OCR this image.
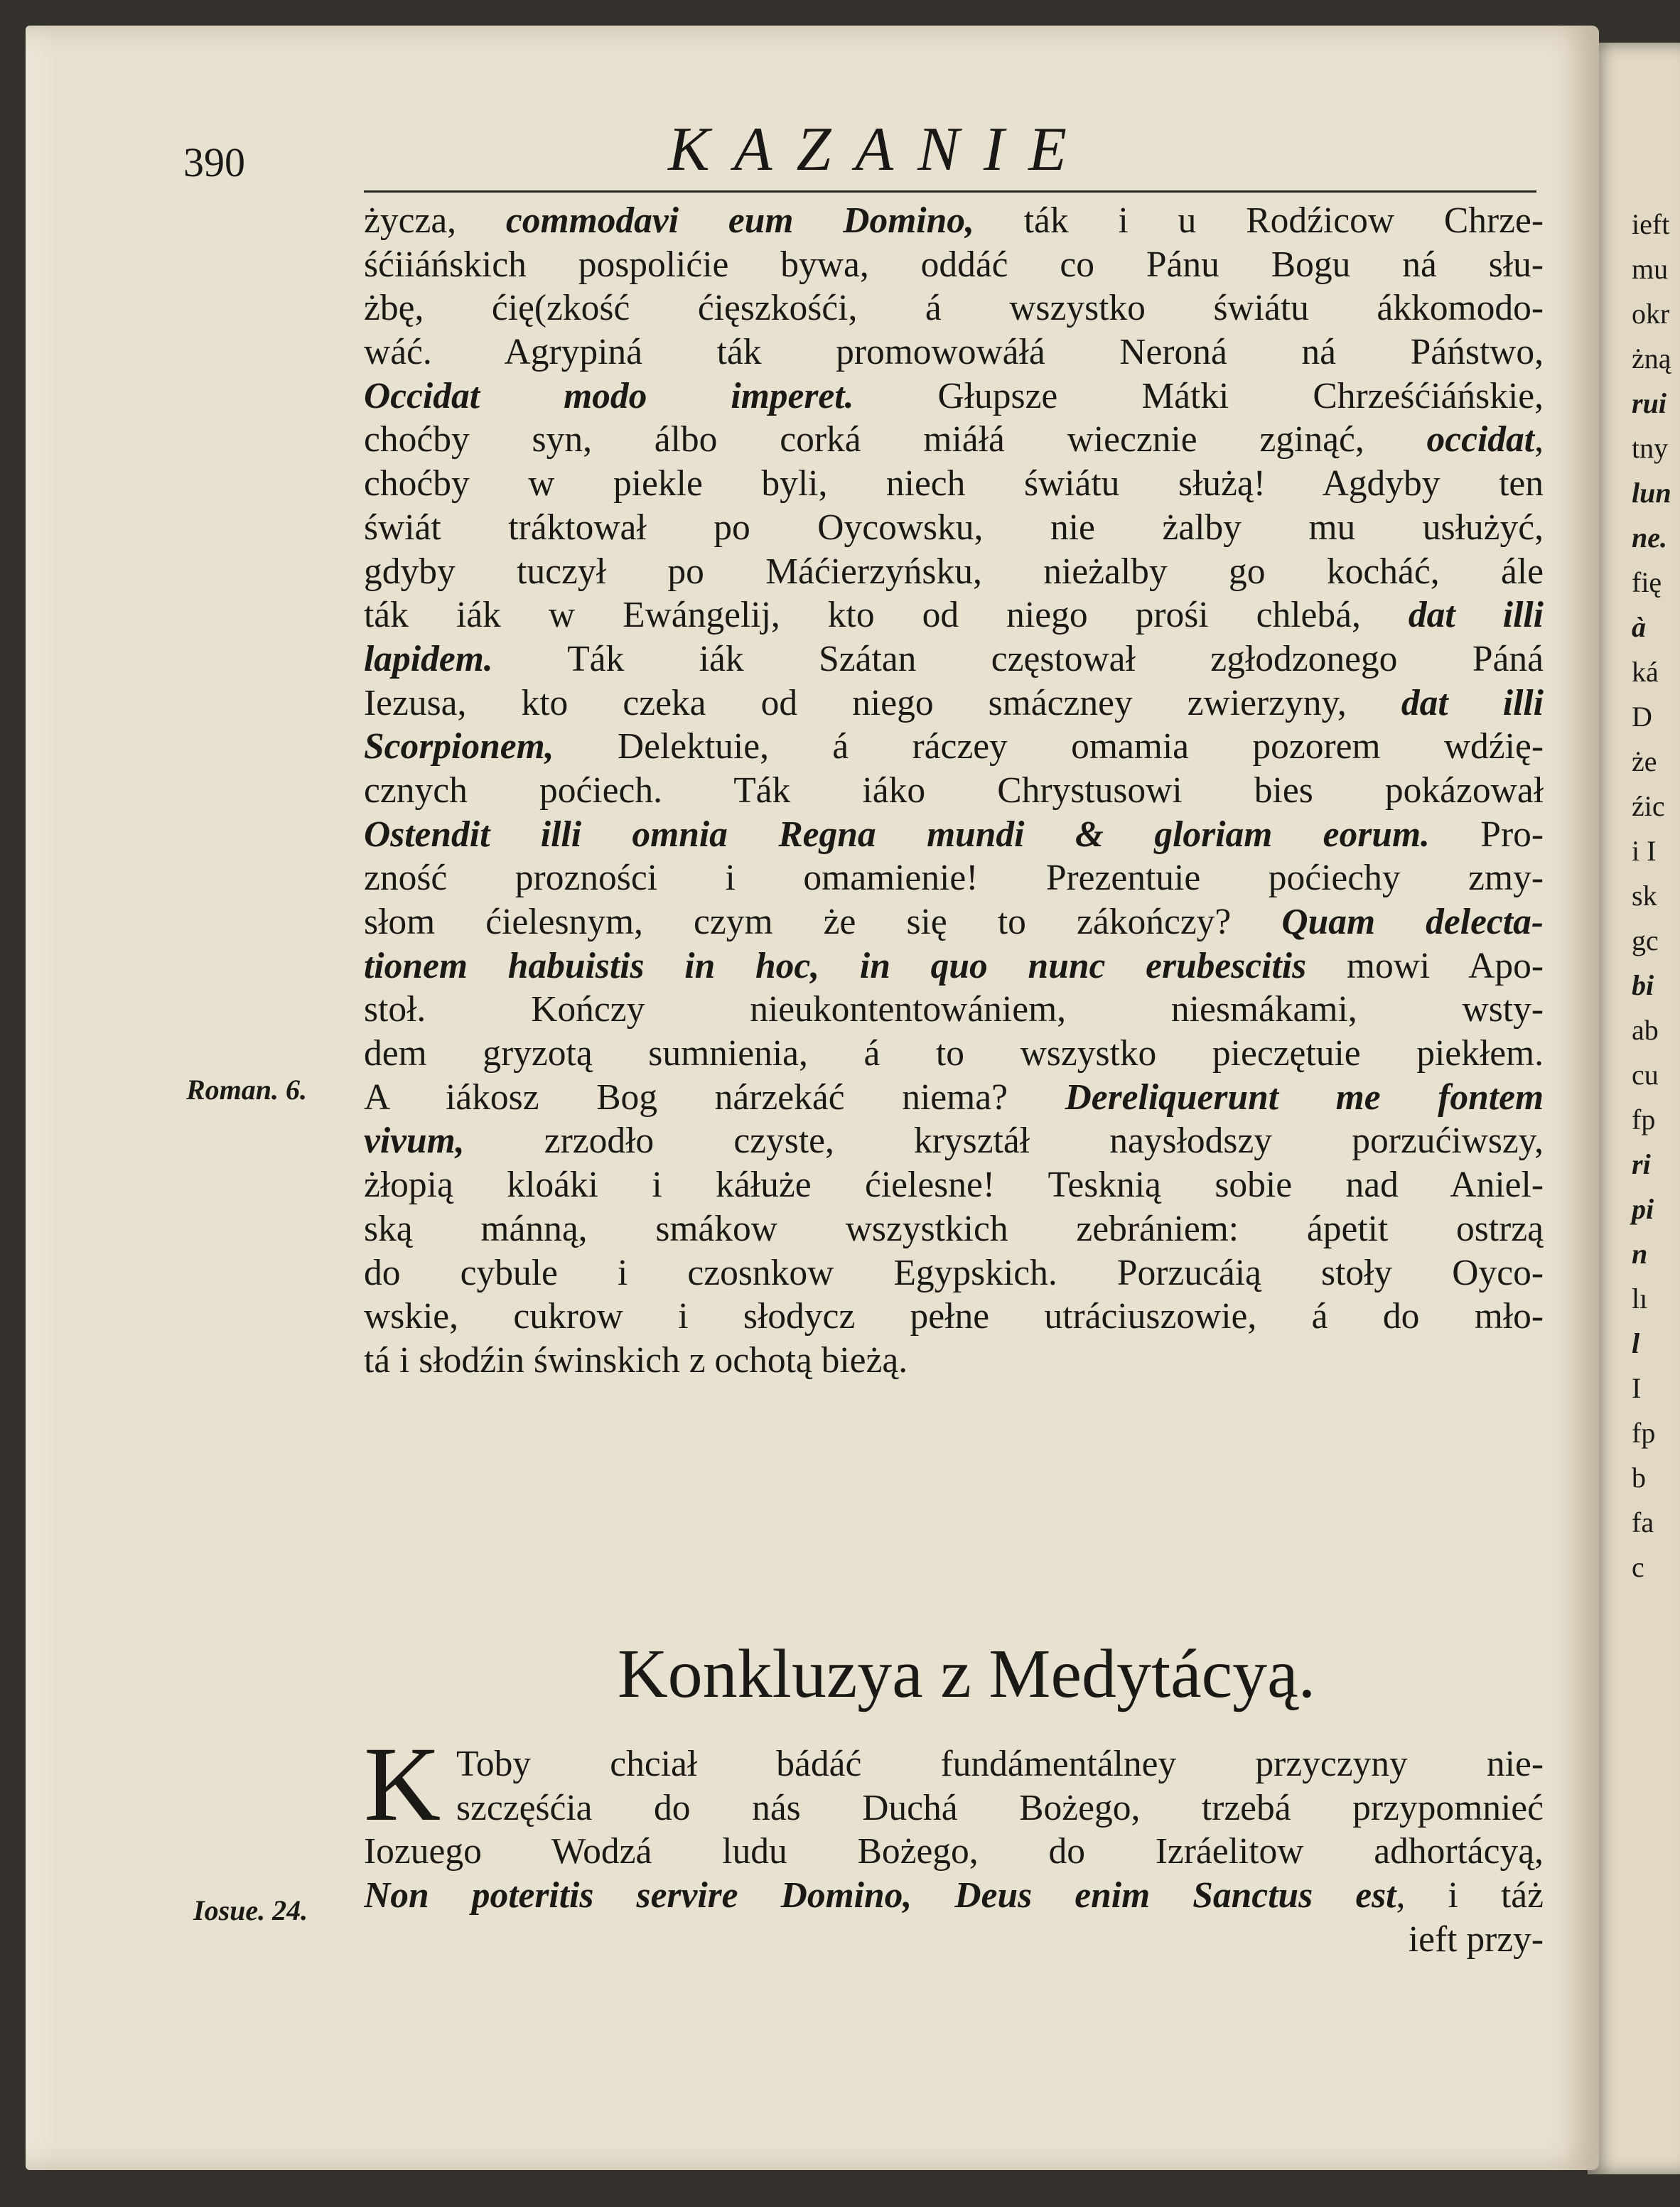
ieft
mu
okr
żną
rui
tny
lun
ne.
fię
à
ká
D
że
źic
i I
sk
gc
bi
ab
cu
fp
ri
pi
n
lı
l
I
fp
b
fa
c
390	KAZANIE
życza, commodavi eum Domino, ták i u Rodźicow Chrze-
śćiiáńskich pospolićie bywa, oddáć co Pánu Bogu ná słu-
żbę, ćię(zkość ćięszkośći, á wszystko świátu ákkomodo-
wáć. Agrypiná ták promowowáłá Neroná ná Páństwo,
Occidat modo imperet. Głupsze Mátki Chrześćiáńskie,
choćby syn, álbo corká miáłá wiecznie zginąć, occidat,
choćby w piekle byli, niech świátu służą! Agdyby ten
świát tráktował po Oycowsku, nie żalby mu usłużyć,
gdyby tuczył po Máćierzyńsku, nieżalby go kocháć, ále
ták iák w Ewángelij, kto od niego prośi chlebá, dat illi
lapidem. Ták iák Szátan częstował zgłodzonego Páná
Iezusa, kto czeka od niego smáczney zwierzyny, dat illi
Scorpionem, Delektuie, á ráczey omamia pozorem wdźię-
cznych poćiech. Ták iáko Chrystusowi bies pokázował
Ostendit illi omnia Regna mundi & gloriam eorum. Pro-
zność prozności i omamienie! Prezentuie poćiechy zmy-
słom ćielesnym, czym że się to zákończy? Quam delecta-
tionem habuistis in hoc, in quo nunc erubescitis mowi Apo-
stoł. Kończy nieukontentowániem, niesmákami, wsty-
dem gryzotą sumnienia, á to wszystko pieczętuie piekłem.
A iákosz Bog nárzekáć niema? Dereliquerunt me fontem
vivum, zrzodło czyste, krysztáł naysłodszy porzućiwszy,
żłopią kloáki i káłuże ćielesne! Tesknią sobie nad Aniel-
ską mánną, smákow wszystkich zebrániem: ápetit ostrzą
do cybule i czosnkow Egypskich. Porzucáią stoły Oyco-
wskie, cukrow i słodycz pełne utráciuszowie, á do mło-
tá i słodźin świnskich z ochotą bieżą.
Roman. 6.
Konkluzya z Medytácyą.
K Toby chciał bádáć fundámentálney przyczyny nie-
szczęśćia do nás Duchá Bożego, trzebá przypomnieć
Iozuego Wodzá ludu Bożego, do Izráelitow adhortácyą,
Non poteritis servire Domino, Deus enim Sanctus est, i táż
ieft przy-
Iosue. 24.
